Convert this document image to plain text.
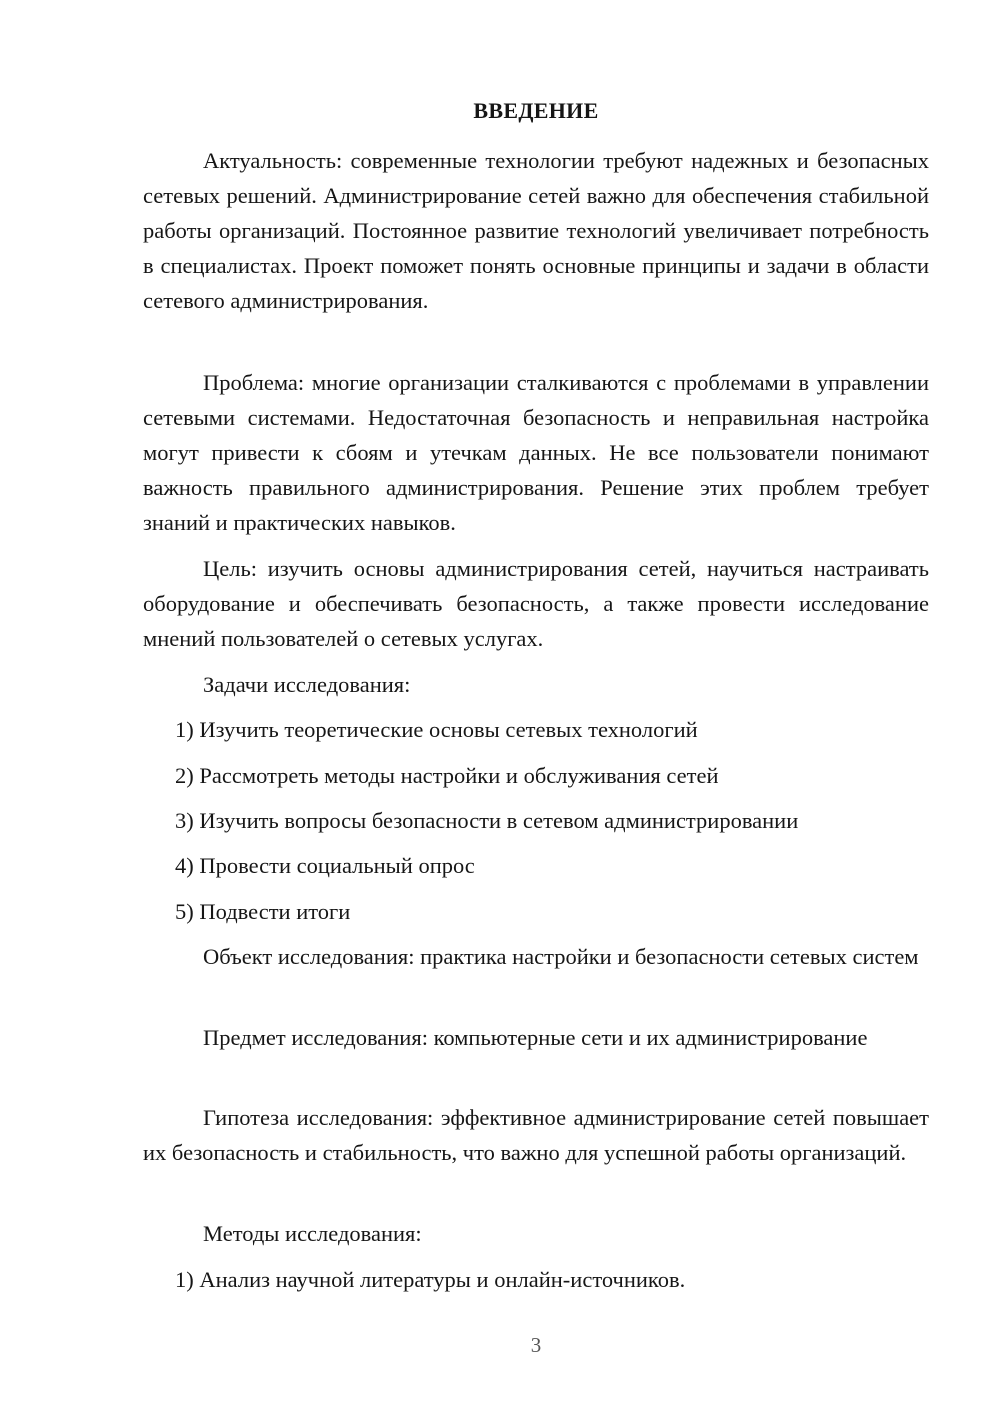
ВВЕДЕНИЕ

Актуальность: современные технологии требуют надежных и безопасных сетевых решений. Администрирование сетей важно для обеспечения стабильной работы организаций. Постоянное развитие технологий увеличивает потребность в специалистах. Проект поможет понять основные принципы и задачи в области сетевого администрирования.

Проблема: многие организации сталкиваются с проблемами в управлении сетевыми системами. Недостаточная безопасность и неправильная настройка могут привести к сбоям и утечкам данных. Не все пользователи понимают важность правильного администрирования. Решение этих проблем требует знаний и практических навыков.

Цель: изучить основы администрирования сетей, научиться настраивать оборудование и обеспечивать безопасность, а также провести исследование мнений пользователей о сетевых услугах.

Задачи исследования:

1) Изучить теоретические основы сетевых технологий

2) Рассмотреть методы настройки и обслуживания сетей

3) Изучить вопросы безопасности в сетевом администрировании

4) Провести социальный опрос

5) Подвести итоги

Объект исследования: практика настройки и безопасности сетевых систем

Предмет исследования: компьютерные сети и их администрирование

Гипотеза исследования: эффективное администрирование сетей повышает их безопасность и стабильность, что важно для успешной работы организаций.

Методы исследования:

1) Анализ научной литературы и онлайн-источников.

3
